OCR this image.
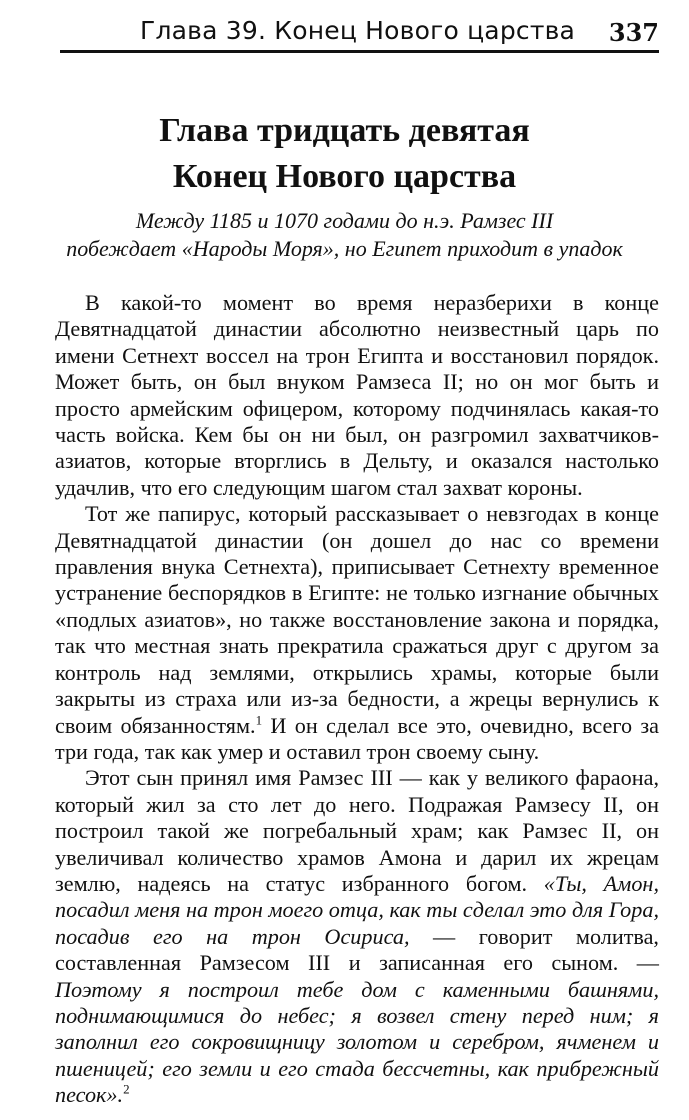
Глава 39. Конец Нового царства 337
Глава тридцать девятая
Конец Нового царства
Между 1185 и 1070 годами до н.э. Рамзес III
побеждает «Народы Моря», но Египет приходит в упадок

В какой-то момент во время неразберихи в конце Девятнадцатой династии абсолютно неизвестный царь по имени Сетнехт воссел на трон Египта и восстановил порядок. Может быть, он был внуком Рамзеса II; но он мог быть и просто армейским офицером, которому подчинялась какая-то часть войска. Кем бы он ни был, он разгромил захватчиков-азиатов, которые вторглись в Дельту, и оказался настолько удачлив, что его следующим шагом стал захват короны.

Тот же папирус, который рассказывает о невзгодах в конце Девятнадцатой династии (он дошел до нас со времени правления внука Сетнехта), приписывает Сетнехту временное устранение беспорядков в Египте: не только изгнание обычных «подлых азиатов», но также восстановление закона и порядка, так что местная знать прекратила сражаться друг с другом за контроль над землями, открылись храмы, которые были закрыты из страха или из-за бедности, а жрецы вернулись к своим обязанностям.$^1$ И он сделал все это, очевидно, всего за три года, так как умер и оставил трон своему сыну.

Этот сын принял имя Рамзес III — как у великого фараона, который жил за сто лет до него. Подражая Рамзесу II, он построил такой же погребальный храм; как Рамзес II, он увеличивал количество храмов Амона и дарил их жрецам землю, надеясь на статус избранного богом. «Ты, Амон, посадил меня на трон моего отца, как ты сделал это для Гора, посадив его на трон Осириса, — говорит молитва, составленная Рамзесом III и записанная его сыном. — Поэтому я построил тебе дом с каменными башнями, поднимающимися до небес; я возвел стену перед ним; я заполнил его сокровищницу золотом и серебром, ячменем и пшеницей; его земли и его стада бессчетны, как прибрежный песок».$^2$
